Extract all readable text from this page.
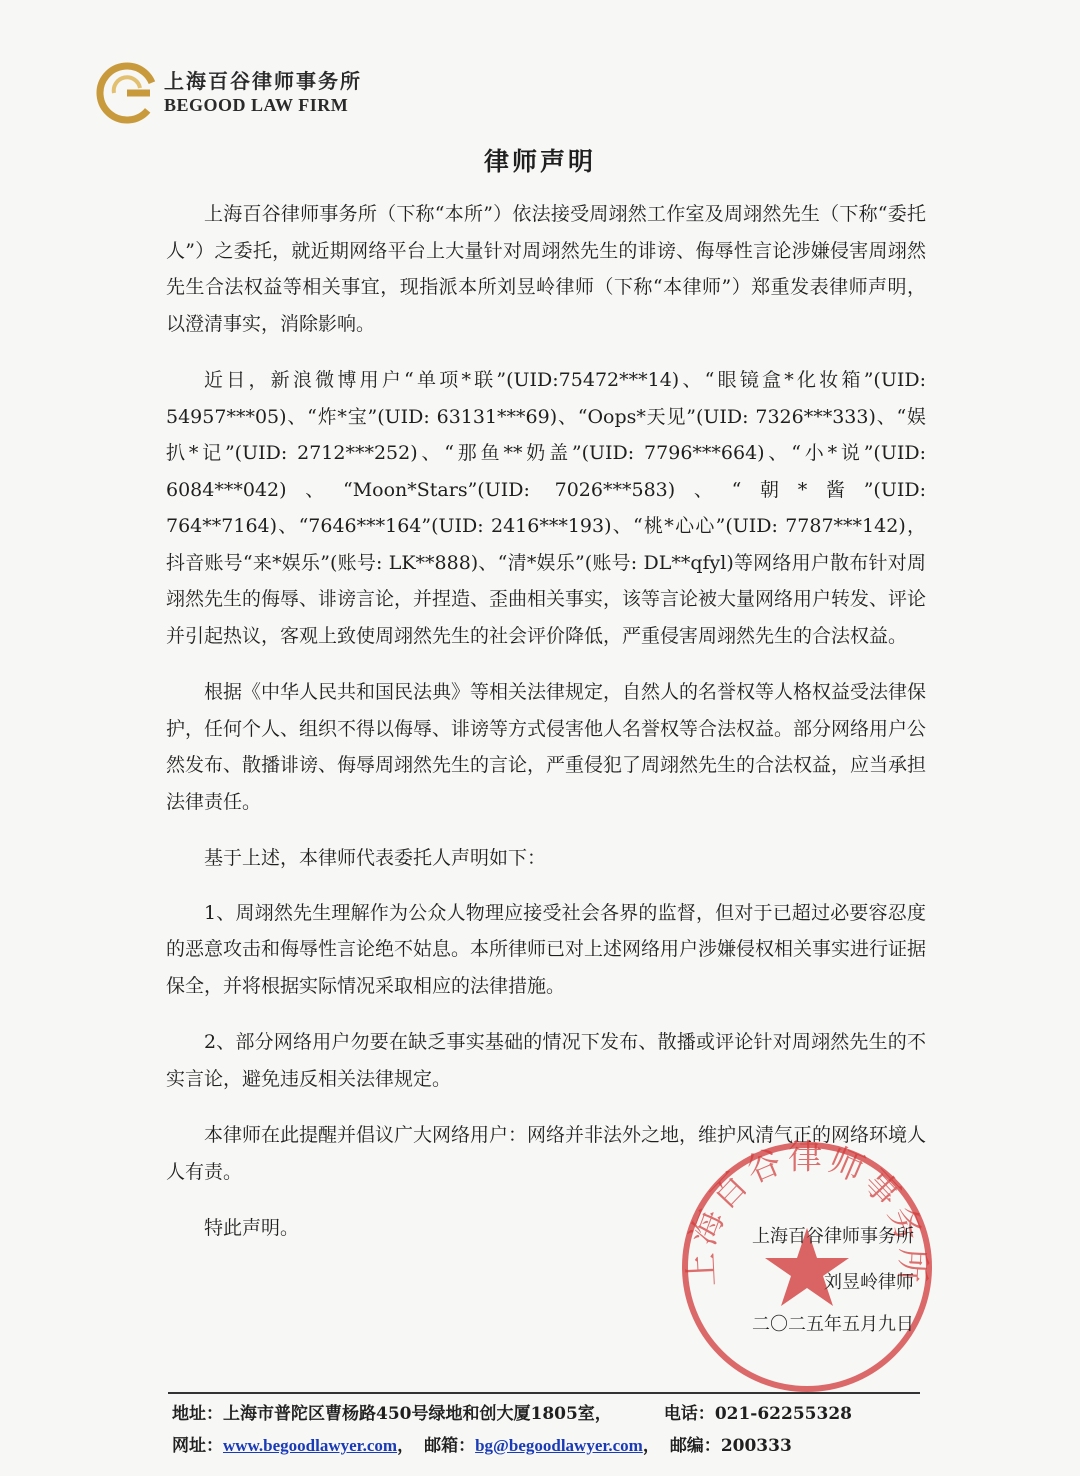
上海百谷律师事务所
BEGOOD LAW FIRM
律师声明

上海百谷律师事务所（下称“本所”）依法接受周翊然工作室及周翊然先生（下称“委托人”）之委托，就近期网络平台上大量针对周翊然先生的诽谤、侮辱性言论涉嫌侵害周翊然先生合法权益等相关事宜，现指派本所刘昱岭律师（下称“本律师”）郑重发表律师声明，以澄清事实，消除影响。

近日，新浪微博用户“单项*联”(UID:75472***14)、“眼镜盒*化妆箱”(UID: 54957***05)、“炸*宝”(UID: 63131***69)、“Oops*天见”(UID: 7326***333)、“娱扒*记”(UID: 2712***252)、“那鱼**奶盖”(UID: 7796***664)、“小*说”(UID: 6084***042)、“Moon*Stars”(UID: 7026***583)、“朝*酱”(UID: 764**7164)、“7646***164”(UID: 2416***193)、“桃*心心”(UID: 7787***142)，抖音账号“来*娱乐”(账号: LK**888)、“清*娱乐”(账号: DL**qfyl)等网络用户散布针对周翊然先生的侮辱、诽谤言论，并捏造、歪曲相关事实，该等言论被大量网络用户转发、评论并引起热议，客观上致使周翊然先生的社会评价降低，严重侵害周翊然先生的合法权益。

根据《中华人民共和国民法典》等相关法律规定，自然人的名誉权等人格权益受法律保护，任何个人、组织不得以侮辱、诽谤等方式侵害他人名誉权等合法权益。部分网络用户公然发布、散播诽谤、侮辱周翊然先生的言论，严重侵犯了周翊然先生的合法权益，应当承担法律责任。

基于上述，本律师代表委托人声明如下：

1、周翊然先生理解作为公众人物理应接受社会各界的监督，但对于已超过必要容忍度的恶意攻击和侮辱性言论绝不姑息。本所律师已对上述网络用户涉嫌侵权相关事实进行证据保全，并将根据实际情况采取相应的法律措施。

2、部分网络用户勿要在缺乏事实基础的情况下发布、散播或评论针对周翊然先生的不实言论，避免违反相关法律规定。

本律师在此提醒并倡议广大网络用户：网络并非法外之地，维护风清气正的网络环境人人有责。

特此声明。

上海百谷律师事务所
上海百谷律师事务所
刘昱岭律师
二〇二五年五月九日
地址：上海市普陀区曹杨路450号绿地和创大厦1805室，	电话：021-62255328
网址：www.begoodlawyer.com， 邮箱：bg@begoodlawyer.com， 邮编：200333
